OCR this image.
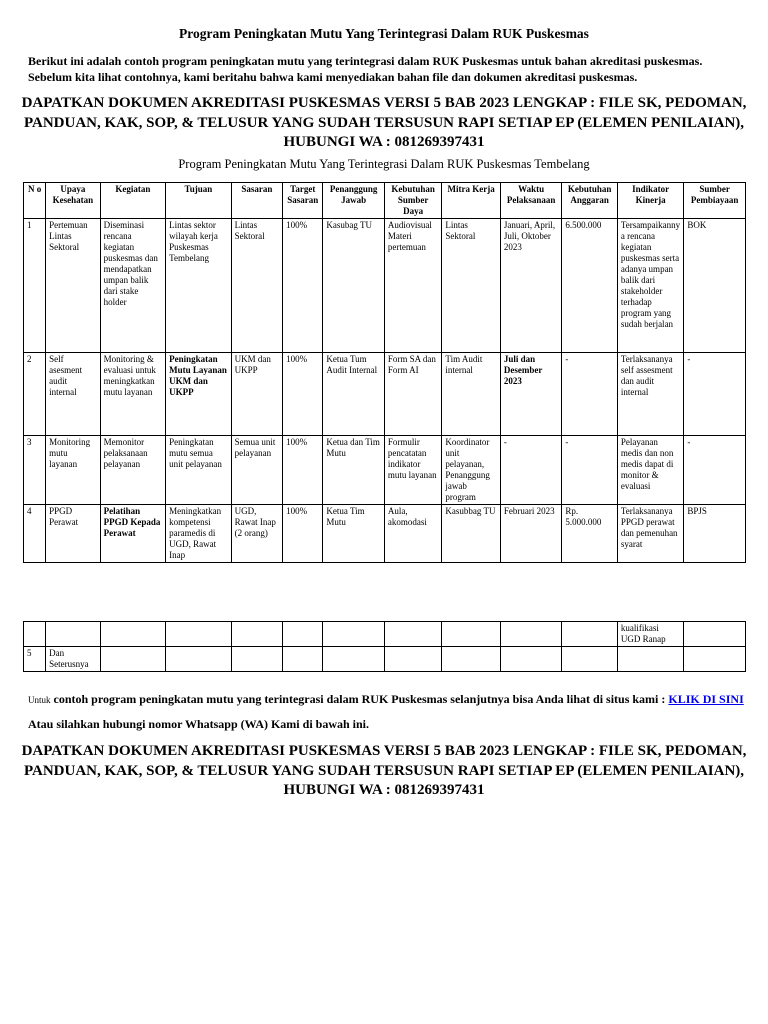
Program Peningkatan Mutu Yang Terintegrasi Dalam RUK Puskesmas
Berikut ini adalah contoh program peningkatan mutu yang terintegrasi dalam RUK Puskesmas untuk bahan akreditasi puskesmas. Sebelum kita lihat contohnya, kami beritahu bahwa kami menyediakan bahan file dan dokumen akreditasi puskesmas.
DAPATKAN DOKUMEN AKREDITASI PUSKESMAS VERSI 5 BAB 2023 LENGKAP : FILE SK, PEDOMAN,
PANDUAN, KAK, SOP, & TELUSUR YANG SUDAH TERSUSUN RAPI SETIAP EP (ELEMEN PENILAIAN),
HUBUNGI WA : 081269397431
Program Peningkatan Mutu Yang Terintegrasi Dalam RUK Puskesmas Tembelang
N o	Upaya Kesehatan	Kegiatan	Tujuan	Sasaran	Target Sasaran	Penanggung Jawab	Kebutuhan Sumber Daya	Mitra Kerja	Waktu Pelaksanaan	Kebutuhan Anggaran	Indikator Kinerja	Sumber Pembiayaan
1	Pertemuan Lintas Sektoral	Diseminasi rencana kegiatan puskesmas dan mendapatkan umpan balik dari stake holder	Lintas sektor wilayah kerja Puskesmas Tembelang	Lintas Sektoral	100%	Kasubag TU	Audiovisual Materi pertemuan	Lintas Sektoral	Januari, April, Juli, Oktober 2023	6.500.000	Tersampaikannya rencana kegiatan puskesmas serta adanya umpan balik dari stakeholder terhadap program yang sudah berjalan	BOK
2	Self asesment audit internal	Monitoring & evaluasi untuk meningkatkan mutu layanan	Peningkatan Mutu Layanan UKM dan UKPP	UKM dan UKPP	100%	Ketua Tum Audit Internal	Form SA dan Form AI	Tim Audit internal	Juli dan Desember 2023	-	Terlaksananya self assesment dan audit internal	-
3	Monitoring mutu layanan	Memonitor pelaksanaan pelayanan	Peningkatan mutu semua unit pelayanan	Semua unit pelayanan	100%	Ketua dan Tim Mutu	Formulir pencatatan indikator mutu layanan	Koordinator unit pelayanan, Penanggung jawab program	-	-	Pelayanan medis dan non medis dapat di monitor & evaluasi	-
4	PPGD Perawat	Pelatihan PPGD Kepada Perawat	Meningkatkan kompetensi paramedis di UGD, Rawat Inap	UGD, Rawat Inap (2 orang)	100%	Ketua Tim Mutu	Aula, akomodasi	Kasubbag TU	Februari 2023	Rp. 5.000.000	Terlaksananya PPGD perawat dan pemenuhan syarat	BPJS
											kualifikasi UGD Ranap	
5	Dan Seterusnya											
Untuk contoh program peningkatan mutu yang terintegrasi dalam RUK Puskesmas selanjutnya bisa Anda lihat di situs kami : KLIK DI SINI
Atau silahkan hubungi nomor Whatsapp (WA) Kami di bawah ini.
DAPATKAN DOKUMEN AKREDITASI PUSKESMAS VERSI 5 BAB 2023 LENGKAP : FILE SK, PEDOMAN,
PANDUAN, KAK, SOP, & TELUSUR YANG SUDAH TERSUSUN RAPI SETIAP EP (ELEMEN PENILAIAN),
HUBUNGI WA : 081269397431
